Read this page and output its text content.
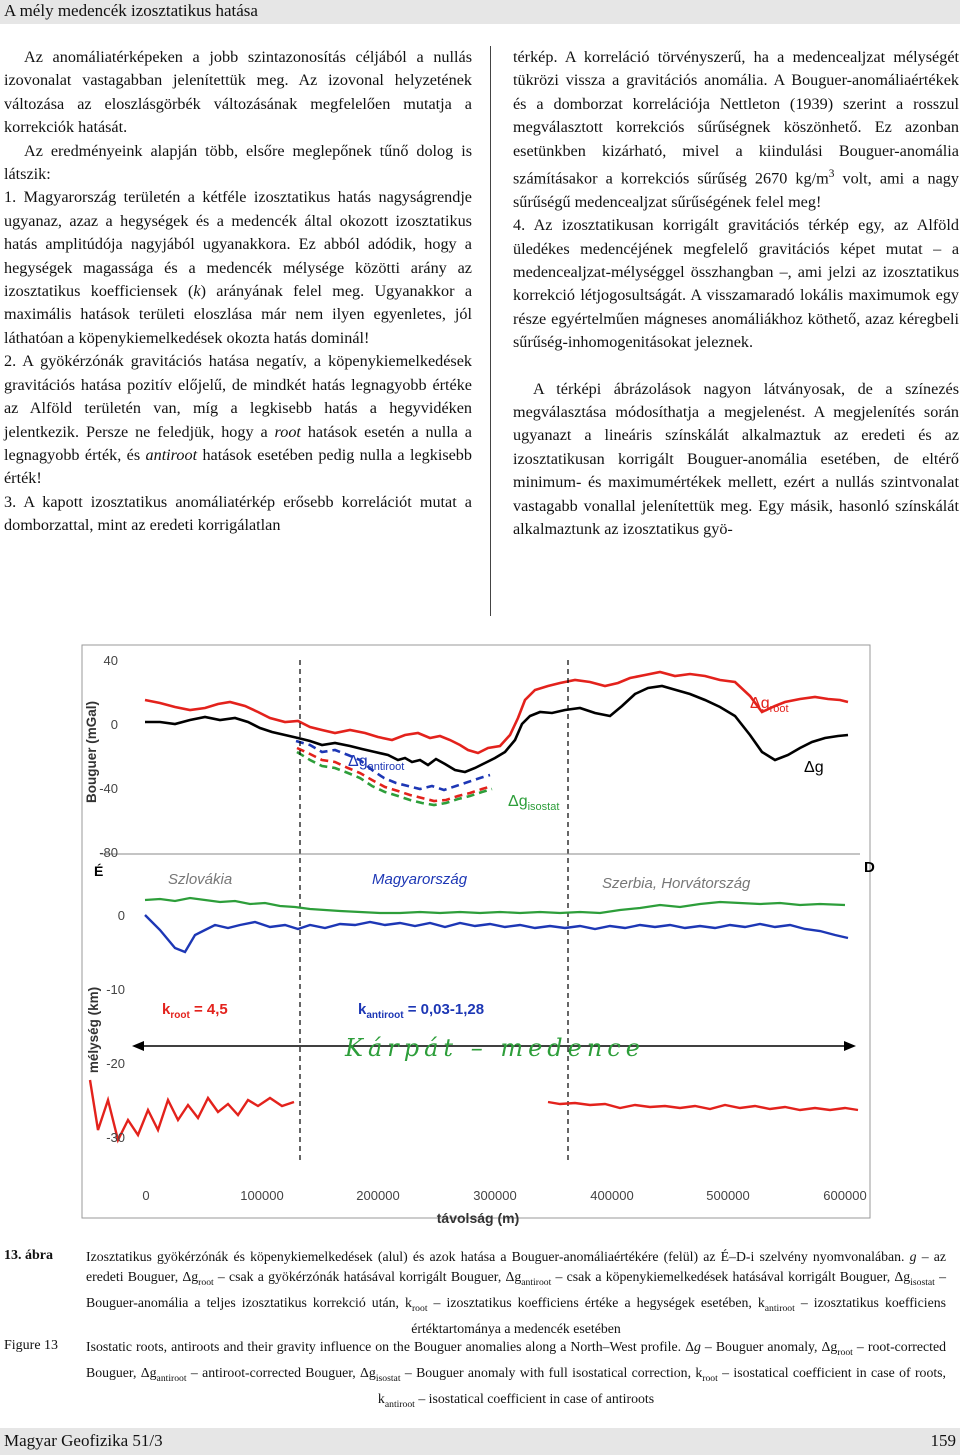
A mély medencék izosztatikus hatása

Az anomáliatérképeken a jobb szintazonosítás céljából a nullás izovonalat vastagabban jelenítettük meg. Az izovonal helyzetének változása az eloszlásgörbék változásának megfelelően mutatja a korrekciók hatását.

Az eredményeink alapján több, elsőre meglepőnek tűnő dolog is látszik:

1. Magyarország területén a kétféle izosztatikus hatás nagyságrendje ugyanaz, azaz a hegységek és a medencék által okozott izosztatikus hatás amplitúdója nagyjából ugyanakkora. Ez abból adódik, hogy a hegységek magassága és a medencék mélysége közötti arány az izosztatikus koefficiensek (k) arányának felel meg. Ugyanakkor a maximális hatások területi eloszlása már nem ilyen egyenletes, jól láthatóan a köpenykiemelkedések okozta hatás dominál!

2. A gyökérzónák gravitációs hatása negatív, a köpenykiemelkedések gravitációs hatása pozitív előjelű, de mindkét hatás legnagyobb értéke az Alföld területén van, míg a legkisebb hatás a hegyvidéken jelentkezik. Persze ne feledjük, hogy a root hatások esetén a nulla a legnagyobb érték, és antiroot hatások esetében pedig nulla a legkisebb érték!

3. A kapott izosztatikus anomáliatérkép erősebb korrelációt mutat a domborzattal, mint az eredeti korrigálatlan

térkép. A korreláció törvényszerű, ha a medencealjzat mélységét tükrözi vissza a gravitációs anomália. A Bouguer-anomáliaértékek és a domborzat korrelációja Nettleton (1939) szerint a rosszul megválasztott korrekciós sűrűségnek köszönhető. Ez azonban esetünkben kizárható, mivel a kiindulási Bouguer-anomália számításakor a korrekciós sűrűség 2670 $kg/m^3$ volt, ami a nagy sűrűségű medencealjzat sűrűségének felel meg!

4. Az izosztatikusan korrigált gravitációs térkép egy, az Alföld üledékes medencéjének megfelelő gravitációs képet mutat – a medencealjzat-mélységgel összhangban –, ami jelzi az izosztatikus korrekció létjogosultságát. A visszamaradó lokális maximumok egy része egyértelműen mágneses anomáliákhoz köthető, azaz kéregbeli sűrűség-inhomogenitásokat jeleznek.

A térképi ábrázolások nagyon látványosak, de a színezés megválasztása módosíthatja a megjelenést. A megjelenítés során ugyanazt a lineáris színskálát alkalmaztuk az eredeti és az izosztatikusan korrigált Bouguer-anomália esetében, de eltérő minimum- és maximumértékek mellett, ezért a nullás szintvonalat vastagabb vonallal jelenítettük meg. Egy másik, hasonló színskálát alkalmaztunk az izosztatikus gyö-

40
0
-40
-80
Bouguer (mGal)
É	D
0
-10
-20
-30
mélység (km)
0	100000	200000	300000	400000	500000	600000
távolság (m)
Szlovákia	Magyarország	Szerbia, Horvátország
$k_{root} = 4,5$	$k_{antiroot} = 0,03-1,28$
$\Delta g_{root}$
$\Delta g_{antiroot}$
$\Delta g_{isostat}$
Δg
Kárpát – medence
13. ábra Izosztatikus gyökérzónák és köpenykiemelkedések (alul) és azok hatása a Bouguer-anomáliaértékére (felül) az É–D-i szelvény nyomvonalában. g – az eredeti Bouguer, $\Delta g_{root}$ – csak a gyökérzónák hatásával korrigált Bouguer, $\Delta g_{antiroot}$ – csak a köpenykiemelkedések hatásával korrigált Bouguer, $\Delta g_{isostat}$ – Bouguer-anomália a teljes izosztatikus korrekció után, $k_{root}$ – izosztatikus koefficiens értéke a hegységek esetében, $k_{antiroot}$ – izosztatikus koefficiens értéktartománya a medencék esetében
Figure 13 Isostatic roots, antiroots and their gravity influence on the Bouguer anomalies along a North–West profile. Δg – Bouguer anomaly, $\Delta g_{root}$ – root-corrected Bouguer, $\Delta g_{antiroot}$ – antiroot-corrected Bouguer, $\Delta g_{isostat}$ – Bouguer anomaly with full isostatical correction, $k_{root}$ – isostatical coefficient in case of roots, $k_{antiroot}$ – isostatical coefficient in case of antiroots
Magyar Geofizika 51/3	159
